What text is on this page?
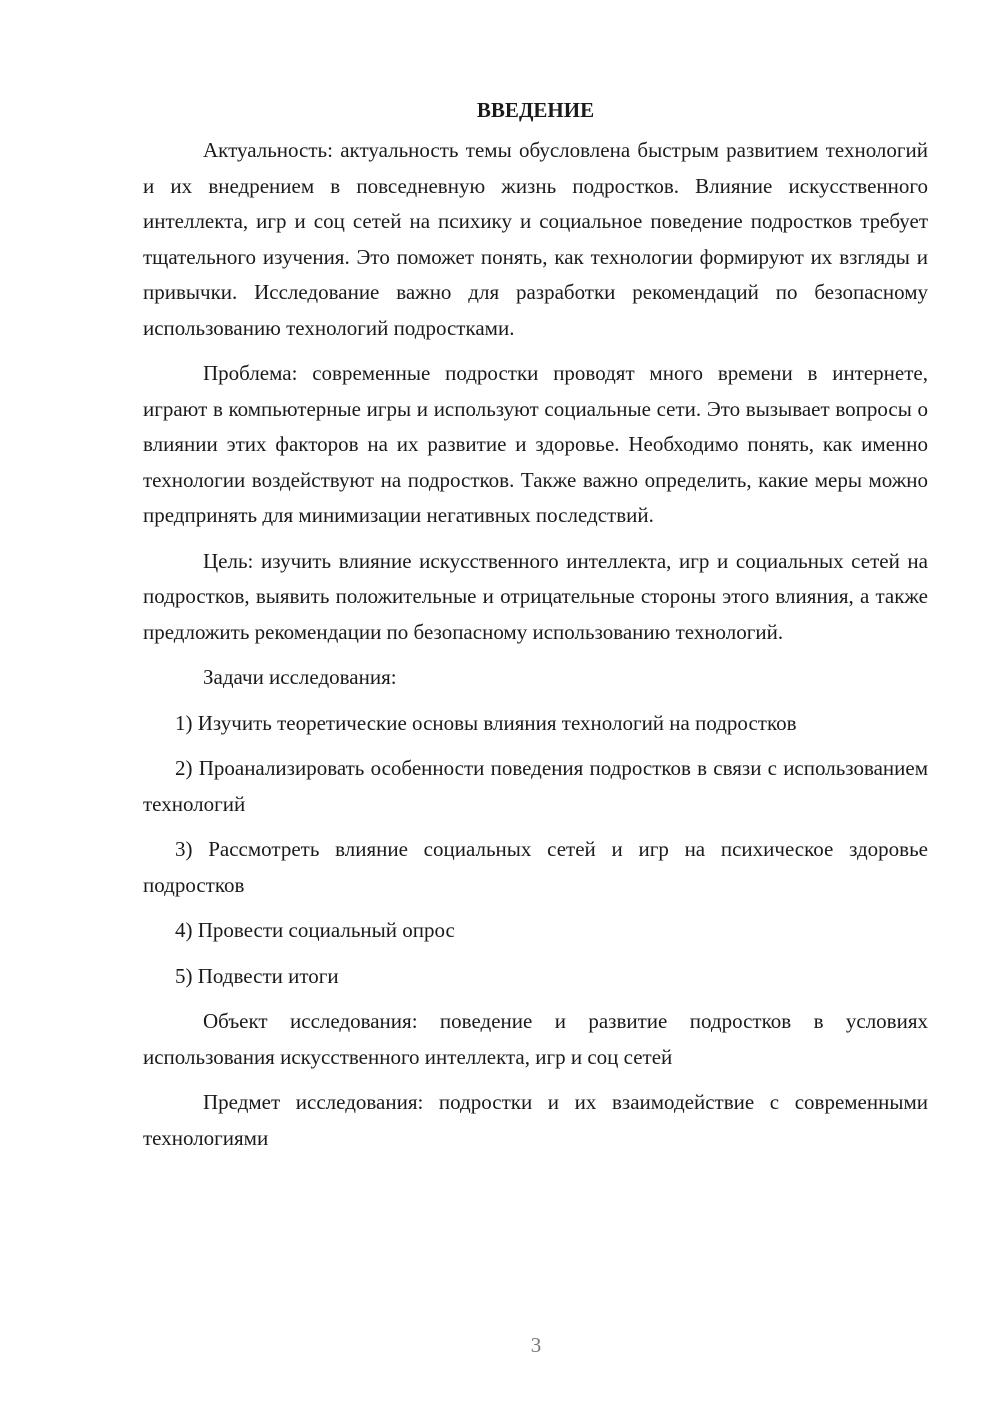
ВВЕДЕНИЕ

Актуальность: актуальность темы обусловлена быстрым развитием технологий и их внедрением в повседневную жизнь подростков. Влияние искусственного интеллекта, игр и соц сетей на психику и социальное поведение подростков требует тщательного изучения. Это поможет понять, как технологии формируют их взгляды и привычки. Исследование важно для разработки рекомендаций по безопасному использованию технологий подростками.

Проблема: современные подростки проводят много времени в интернете, играют в компьютерные игры и используют социальные сети. Это вызывает вопросы о влиянии этих факторов на их развитие и здоровье. Необходимо понять, как именно технологии воздействуют на подростков. Также важно определить, какие меры можно предпринять для минимизации негативных последствий.

Цель: изучить влияние искусственного интеллекта, игр и социальных сетей на подростков, выявить положительные и отрицательные стороны этого влияния, а также предложить рекомендации по безопасному использованию технологий.

Задачи исследования:

1) Изучить теоретические основы влияния технологий на подростков

2) Проанализировать особенности поведения подростков в связи с использованием технологий

3) Рассмотреть влияние социальных сетей и игр на психическое здоровье подростков

4) Провести социальный опрос

5) Подвести итоги

Объект исследования: поведение и развитие подростков в условиях использования искусственного интеллекта, игр и соц сетей

Предмет исследования: подростки и их взаимодействие с современными технологиями

3
